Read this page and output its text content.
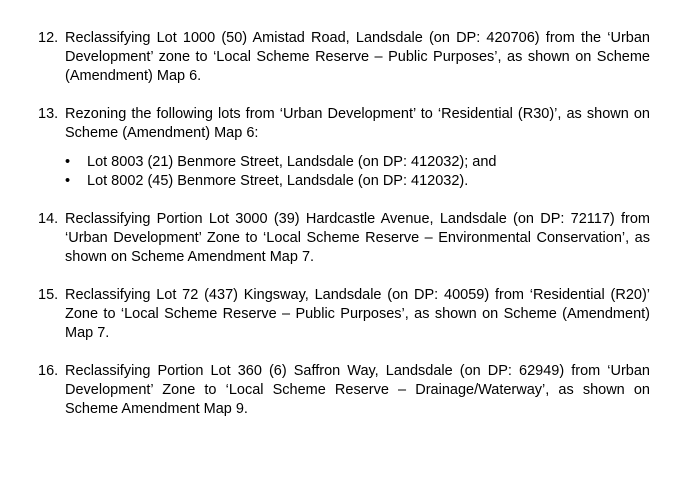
12. Reclassifying Lot 1000 (50) Amistad Road, Landsdale (on DP: 420706) from the ‘Urban Development’ zone to ‘Local Scheme Reserve – Public Purposes’, as shown on Scheme (Amendment) Map 6.
13. Rezoning the following lots from ‘Urban Development’ to ‘Residential (R30)’, as shown on Scheme (Amendment) Map 6:
•	Lot 8003 (21) Benmore Street, Landsdale (on DP: 412032); and
•	Lot 8002 (45) Benmore Street, Landsdale (on DP: 412032).
14. Reclassifying Portion Lot 3000 (39) Hardcastle Avenue, Landsdale (on DP: 72117) from ‘Urban Development’ Zone to ‘Local Scheme Reserve – Environmental Conservation’, as shown on Scheme Amendment Map 7.
15. Reclassifying Lot 72 (437) Kingsway, Landsdale (on DP: 40059) from ‘Residential (R20)’ Zone to ‘Local Scheme Reserve – Public Purposes’, as shown on Scheme (Amendment) Map 7.
16. Reclassifying Portion Lot 360 (6) Saffron Way, Landsdale (on DP: 62949) from ‘Urban Development’ Zone to ‘Local Scheme Reserve – Drainage/Waterway’, as shown on Scheme Amendment Map 9.
